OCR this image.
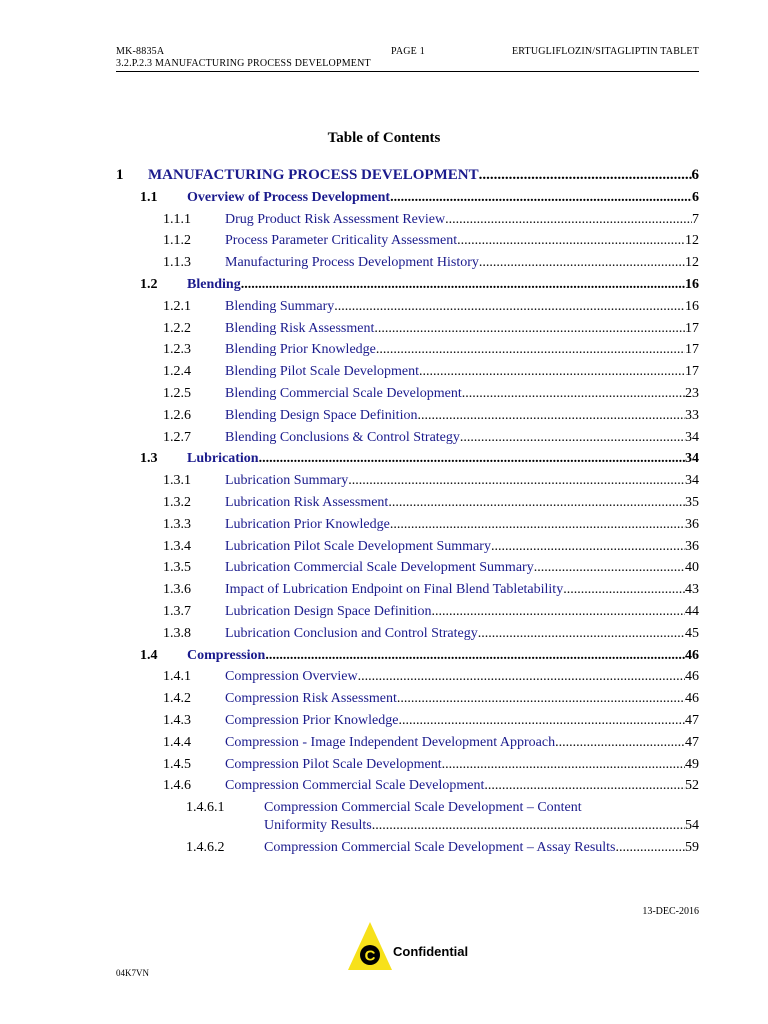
MK-8835A	PAGE 1	ERTUGLIFLOZIN/SITAGLIPTIN TABLET
3.2.P.2.3 MANUFACTURING PROCESS DEVELOPMENT
Table of Contents
1 MANUFACTURING PROCESS DEVELOPMENT .....	6
1.1 Overview of Process Development .....	6
1.1.1 Drug Product Risk Assessment Review .....	7
1.1.2 Process Parameter Criticality Assessment .....	12
1.1.3 Manufacturing Process Development History .....	12
1.2 Blending .....	16
1.2.1 Blending Summary .....	16
1.2.2 Blending Risk Assessment .....	17
1.2.3 Blending Prior Knowledge .....	17
1.2.4 Blending Pilot Scale Development .....	17
1.2.5 Blending Commercial Scale Development .....	23
1.2.6 Blending Design Space Definition .....	33
1.2.7 Blending Conclusions & Control Strategy .....	34
1.3 Lubrication .....	34
1.3.1 Lubrication Summary .....	34
1.3.2 Lubrication Risk Assessment .....	35
1.3.3 Lubrication Prior Knowledge .....	36
1.3.4 Lubrication Pilot Scale Development Summary .....	36
1.3.5 Lubrication Commercial Scale Development Summary .....	40
1.3.6 Impact of Lubrication Endpoint on Final Blend Tabletability .....	43
1.3.7 Lubrication Design Space Definition .....	44
1.3.8 Lubrication Conclusion and Control Strategy .....	45
1.4 Compression .....	46
1.4.1 Compression Overview .....	46
1.4.2 Compression Risk Assessment .....	46
1.4.3 Compression Prior Knowledge .....	47
1.4.4 Compression - Image Independent Development Approach .....	47
1.4.5 Compression Pilot Scale Development .....	49
1.4.6 Compression Commercial Scale Development .....	52
1.4.6.1	Compression Commercial Scale Development – Content
Uniformity Results .....	54
1.4.6.2	Compression Commercial Scale Development – Assay Results .....	59
13-DEC-2016
C Confidential
04K7VN
